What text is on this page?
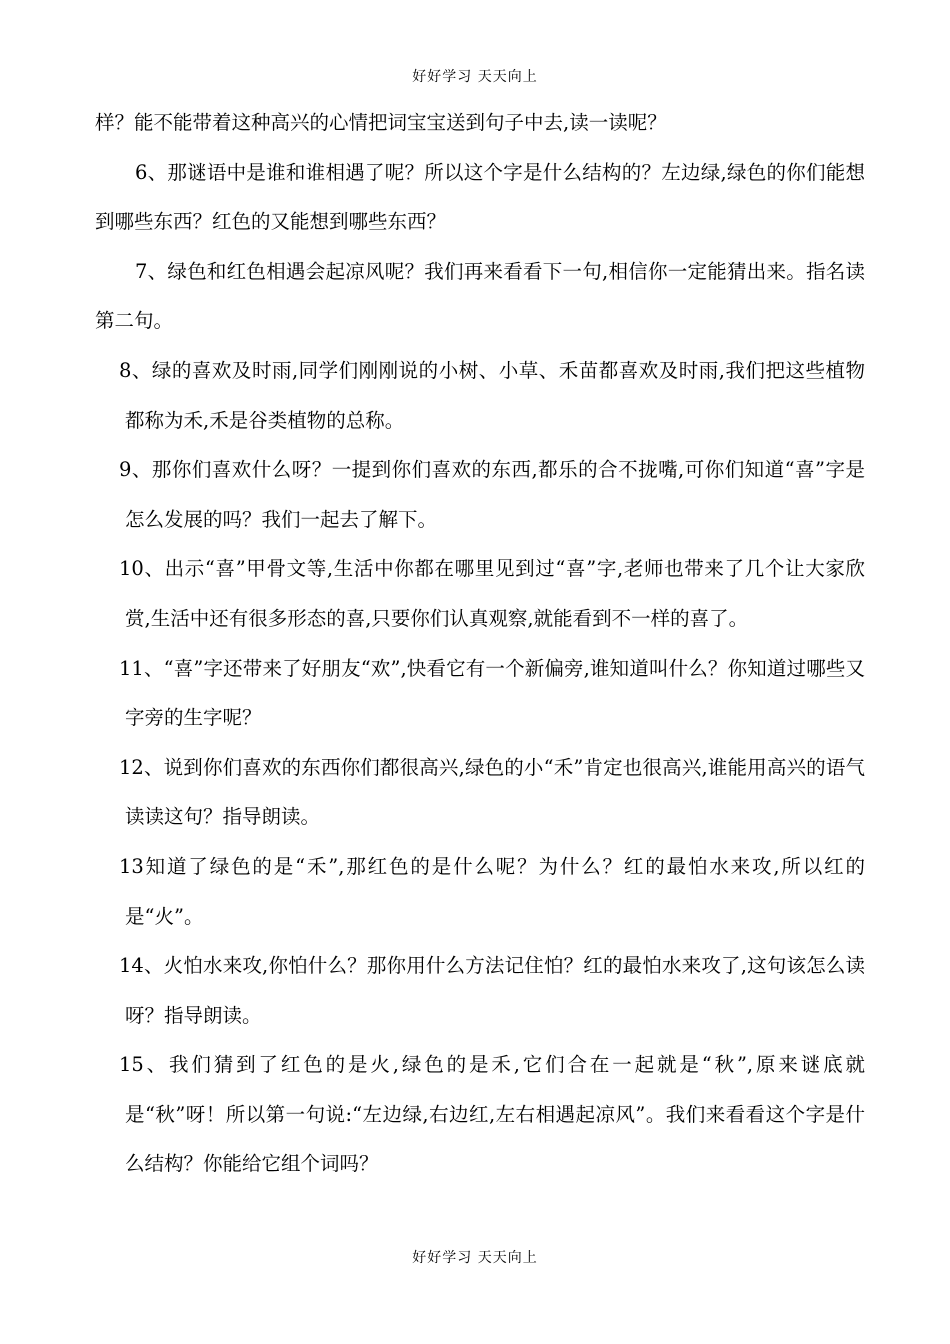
好好学习 天天向上

样？能不能带着这种高兴的心情把词宝宝送到句子中去,读一读呢？

6、那谜语中是谁和谁相遇了呢？所以这个字是什么结构的？左边绿,绿色的你们能想到哪些东西？红色的又能想到哪些东西？

7、绿色和红色相遇会起凉风呢？我们再来看看下一句,相信你一定能猜出来。指名读第二句。

8、绿的喜欢及时雨,同学们刚刚说的小树、小草、禾苗都喜欢及时雨,我们把这些植物都称为禾,禾是谷类植物的总称。

9、那你们喜欢什么呀？一提到你们喜欢的东西,都乐的合不拢嘴,可你们知道“喜”字是怎么发展的吗？我们一起去了解下。

10、出示“喜”甲骨文等,生活中你都在哪里见到过“喜”字,老师也带来了几个让大家欣赏,生活中还有很多形态的喜,只要你们认真观察,就能看到不一样的喜了。

11、“喜”字还带来了好朋友“欢”,快看它有一个新偏旁,谁知道叫什么？你知道过哪些又字旁的生字呢？

12、说到你们喜欢的东西你们都很高兴,绿色的小“禾”肯定也很高兴,谁能用高兴的语气读读这句？指导朗读。

13知道了绿色的是“禾”,那红色的是什么呢？为什么？红的最怕水来攻,所以红的是“火”。

14、火怕水来攻,你怕什么？那你用什么方法记住怕？红的最怕水来攻了,这句该怎么读呀？指导朗读。

15、我们猜到了红色的是火,绿色的是禾,它们合在一起就是“秋”,原来谜底就是“秋”呀！所以第一句说:“左边绿,右边红,左右相遇起凉风”。我们来看看这个字是什么结构？你能给它组个词吗？

好好学习 天天向上
